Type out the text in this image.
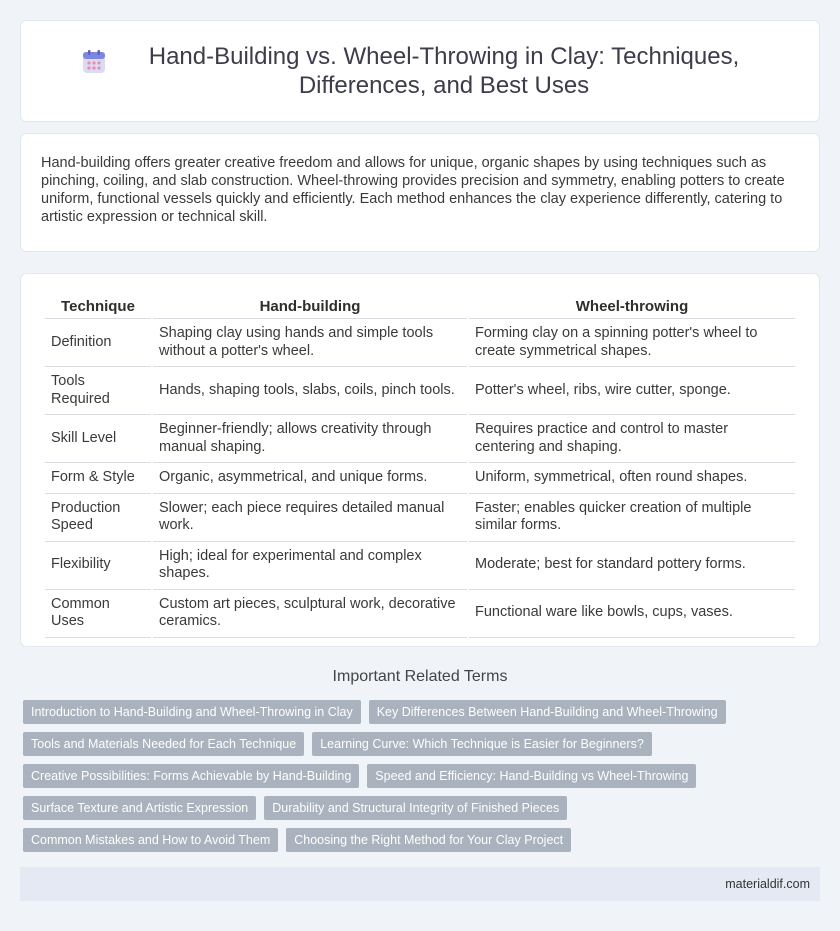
Hand-Building vs. Wheel-Throwing in Clay: Techniques, Differences, and Best Uses

Hand-building offers greater creative freedom and allows for unique, organic shapes by using techniques such as pinching, coiling, and slab construction. Wheel-throwing provides precision and symmetry, enabling potters to create uniform, functional vessels quickly and efficiently. Each method enhances the clay experience differently, catering to artistic expression or technical skill.

Technique	Hand-building	Wheel-throwing
Definition	Shaping clay using hands and simple tools without a potter's wheel.	Forming clay on a spinning potter's wheel to create symmetrical shapes.
Tools Required	Hands, shaping tools, slabs, coils, pinch tools.	Potter's wheel, ribs, wire cutter, sponge.
Skill Level	Beginner-friendly; allows creativity through manual shaping.	Requires practice and control to master centering and shaping.
Form & Style	Organic, asymmetrical, and unique forms.	Uniform, symmetrical, often round shapes.
Production Speed	Slower; each piece requires detailed manual work.	Faster; enables quicker creation of multiple similar forms.
Flexibility	High; ideal for experimental and complex shapes.	Moderate; best for standard pottery forms.
Common Uses	Custom art pieces, sculptural work, decorative ceramics.	Functional ware like bowls, cups, vases.
Important Related Terms
Introduction to Hand-Building and Wheel-Throwing in Clay	Key Differences Between Hand-Building and Wheel-Throwing
Tools and Materials Needed for Each Technique	Learning Curve: Which Technique is Easier for Beginners?
Creative Possibilities: Forms Achievable by Hand-Building	Speed and Efficiency: Hand-Building vs Wheel-Throwing
Surface Texture and Artistic Expression	Durability and Structural Integrity of Finished Pieces
Common Mistakes and How to Avoid Them	Choosing the Right Method for Your Clay Project
materialdif.com
